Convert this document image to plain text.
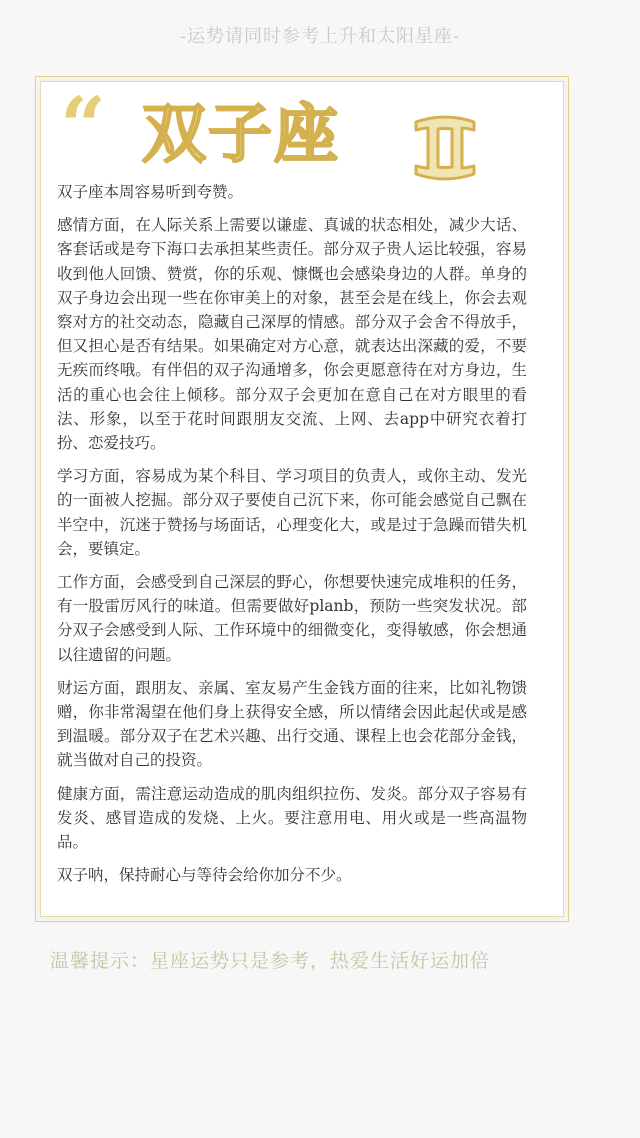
-运势请同时参考上升和太阳星座-
“ 双子座

双子座本周容易听到夸赞。

感情方面，在人际关系上需要以谦虚、真诚的状态相处，减少大话、客套话或是夸下海口去承担某些责任。部分双子贵人运比较强，容易收到他人回馈、赞赏，你的乐观、慷慨也会感染身边的人群。单身的双子身边会出现一些在你审美上的对象，甚至会是在线上，你会去观察对方的社交动态，隐藏自己深厚的情感。部分双子会舍不得放手，但又担心是否有结果。如果确定对方心意，就表达出深藏的爱，不要无疾而终哦。有伴侣的双子沟通增多，你会更愿意待在对方身边，生活的重心也会往上倾移。部分双子会更加在意自己在对方眼里的看法、形象，以至于花时间跟朋友交流、上网、去app中研究衣着打扮、恋爱技巧。

学习方面，容易成为某个科目、学习项目的负责人，或你主动、发光的一面被人挖掘。部分双子要使自己沉下来，你可能会感觉自己飘在半空中，沉迷于赞扬与场面话，心理变化大，或是过于急躁而错失机会，要镇定。

工作方面，会感受到自己深层的野心，你想要快速完成堆积的任务，有一股雷厉风行的味道。但需要做好planb，预防一些突发状况。部分双子会感受到人际、工作环境中的细微变化，变得敏感，你会想通以往遗留的问题。

财运方面，跟朋友、亲属、室友易产生金钱方面的往来，比如礼物馈赠，你非常渴望在他们身上获得安全感，所以情绪会因此起伏或是感到温暖。部分双子在艺术兴趣、出行交通、课程上也会花部分金钱，就当做对自己的投资。

健康方面，需注意运动造成的肌肉组织拉伤、发炎。部分双子容易有发炎、感冒造成的发烧、上火。要注意用电、用火或是一些高温物品。

双子呐，保持耐心与等待会给你加分不少。

温馨提示：星座运势只是参考，热爱生活好运加倍
